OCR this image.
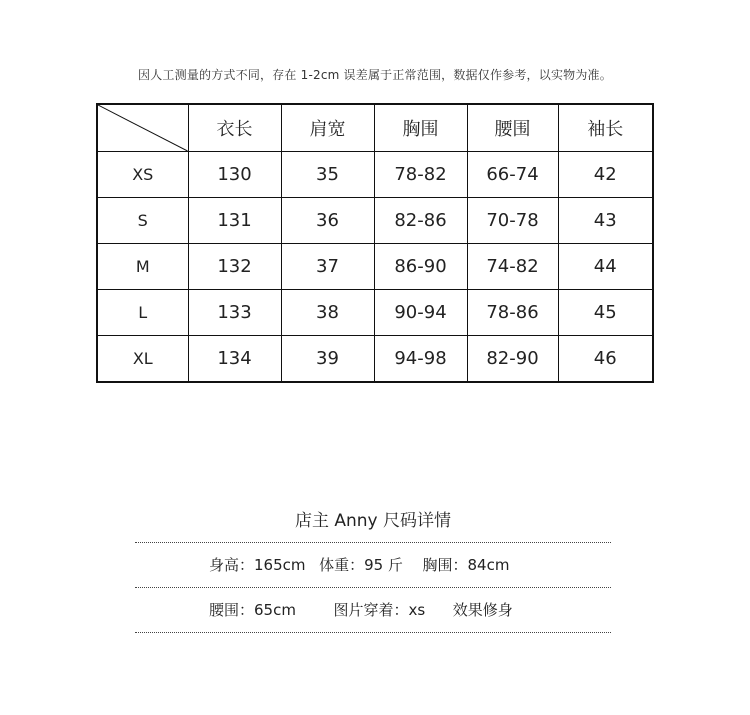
因人工测量的方式不同，存在 1-2cm 误差属于正常范围，数据仅作参考，以实物为准。
	衣长	肩宽	胸围	腰围	袖长
XS	130	35	78-82	66-74	42
S	131	36	82-86	70-78	43
M	132	37	86-90	74-82	44
L	133	38	90-94	78-86	45
XL	134	39	94-98	82-90	46
店主 Anny 尺码详情
身高：165cm 体重：95 斤 胸围：84cm
腰围：65cm	图片穿着：xs 效果修身
